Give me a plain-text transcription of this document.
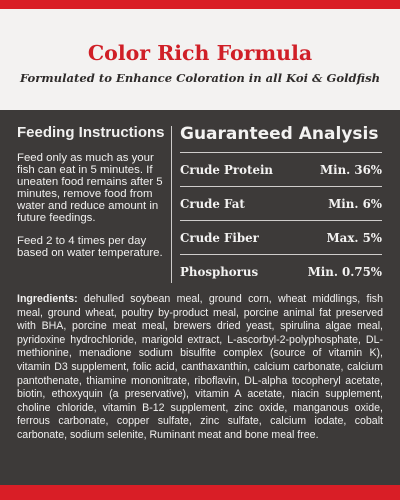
Color Rich Formula

Formulated to Enhance Coloration in all Koi & Goldfish

Feeding Instructions

Feed only as much as your fish can eat in 5 minutes. If uneaten food remains after 5 minutes, remove food from water and reduce amount in future feedings.

Feed 2 to 4 times per day based on water temperature.

Guaranteed Analysis
Crude Protein	Min. 36%
Crude Fat	Min. 6%
Crude Fiber	Max. 5%
Phosphorus	Min. 0.75%

Ingredients: dehulled soybean meal, ground corn, wheat middlings, fish meal, ground wheat, poultry by-product meal, porcine animal fat preserved with BHA, porcine meat meal, brewers dried yeast, spirulina algae meal, pyridoxine hydrochloride, marigold extract, L-ascorbyl-2-polyphosphate, DL-methionine, menadione sodium bisulfite complex (source of vitamin K), vitamin D3 supplement, folic acid, canthaxanthin, calcium carbonate, calcium pantothenate, thiamine mononitrate, riboflavin, DL-alpha tocopheryl acetate, biotin, ethoxyquin (a preservative), vitamin A acetate, niacin supplement, choline chloride, vitamin B-12 supplement, zinc oxide, manganous oxide, ferrous carbonate, copper sulfate, zinc sulfate, calcium iodate, cobalt carbonate, sodium selenite, Ruminant meat and bone meal free.
